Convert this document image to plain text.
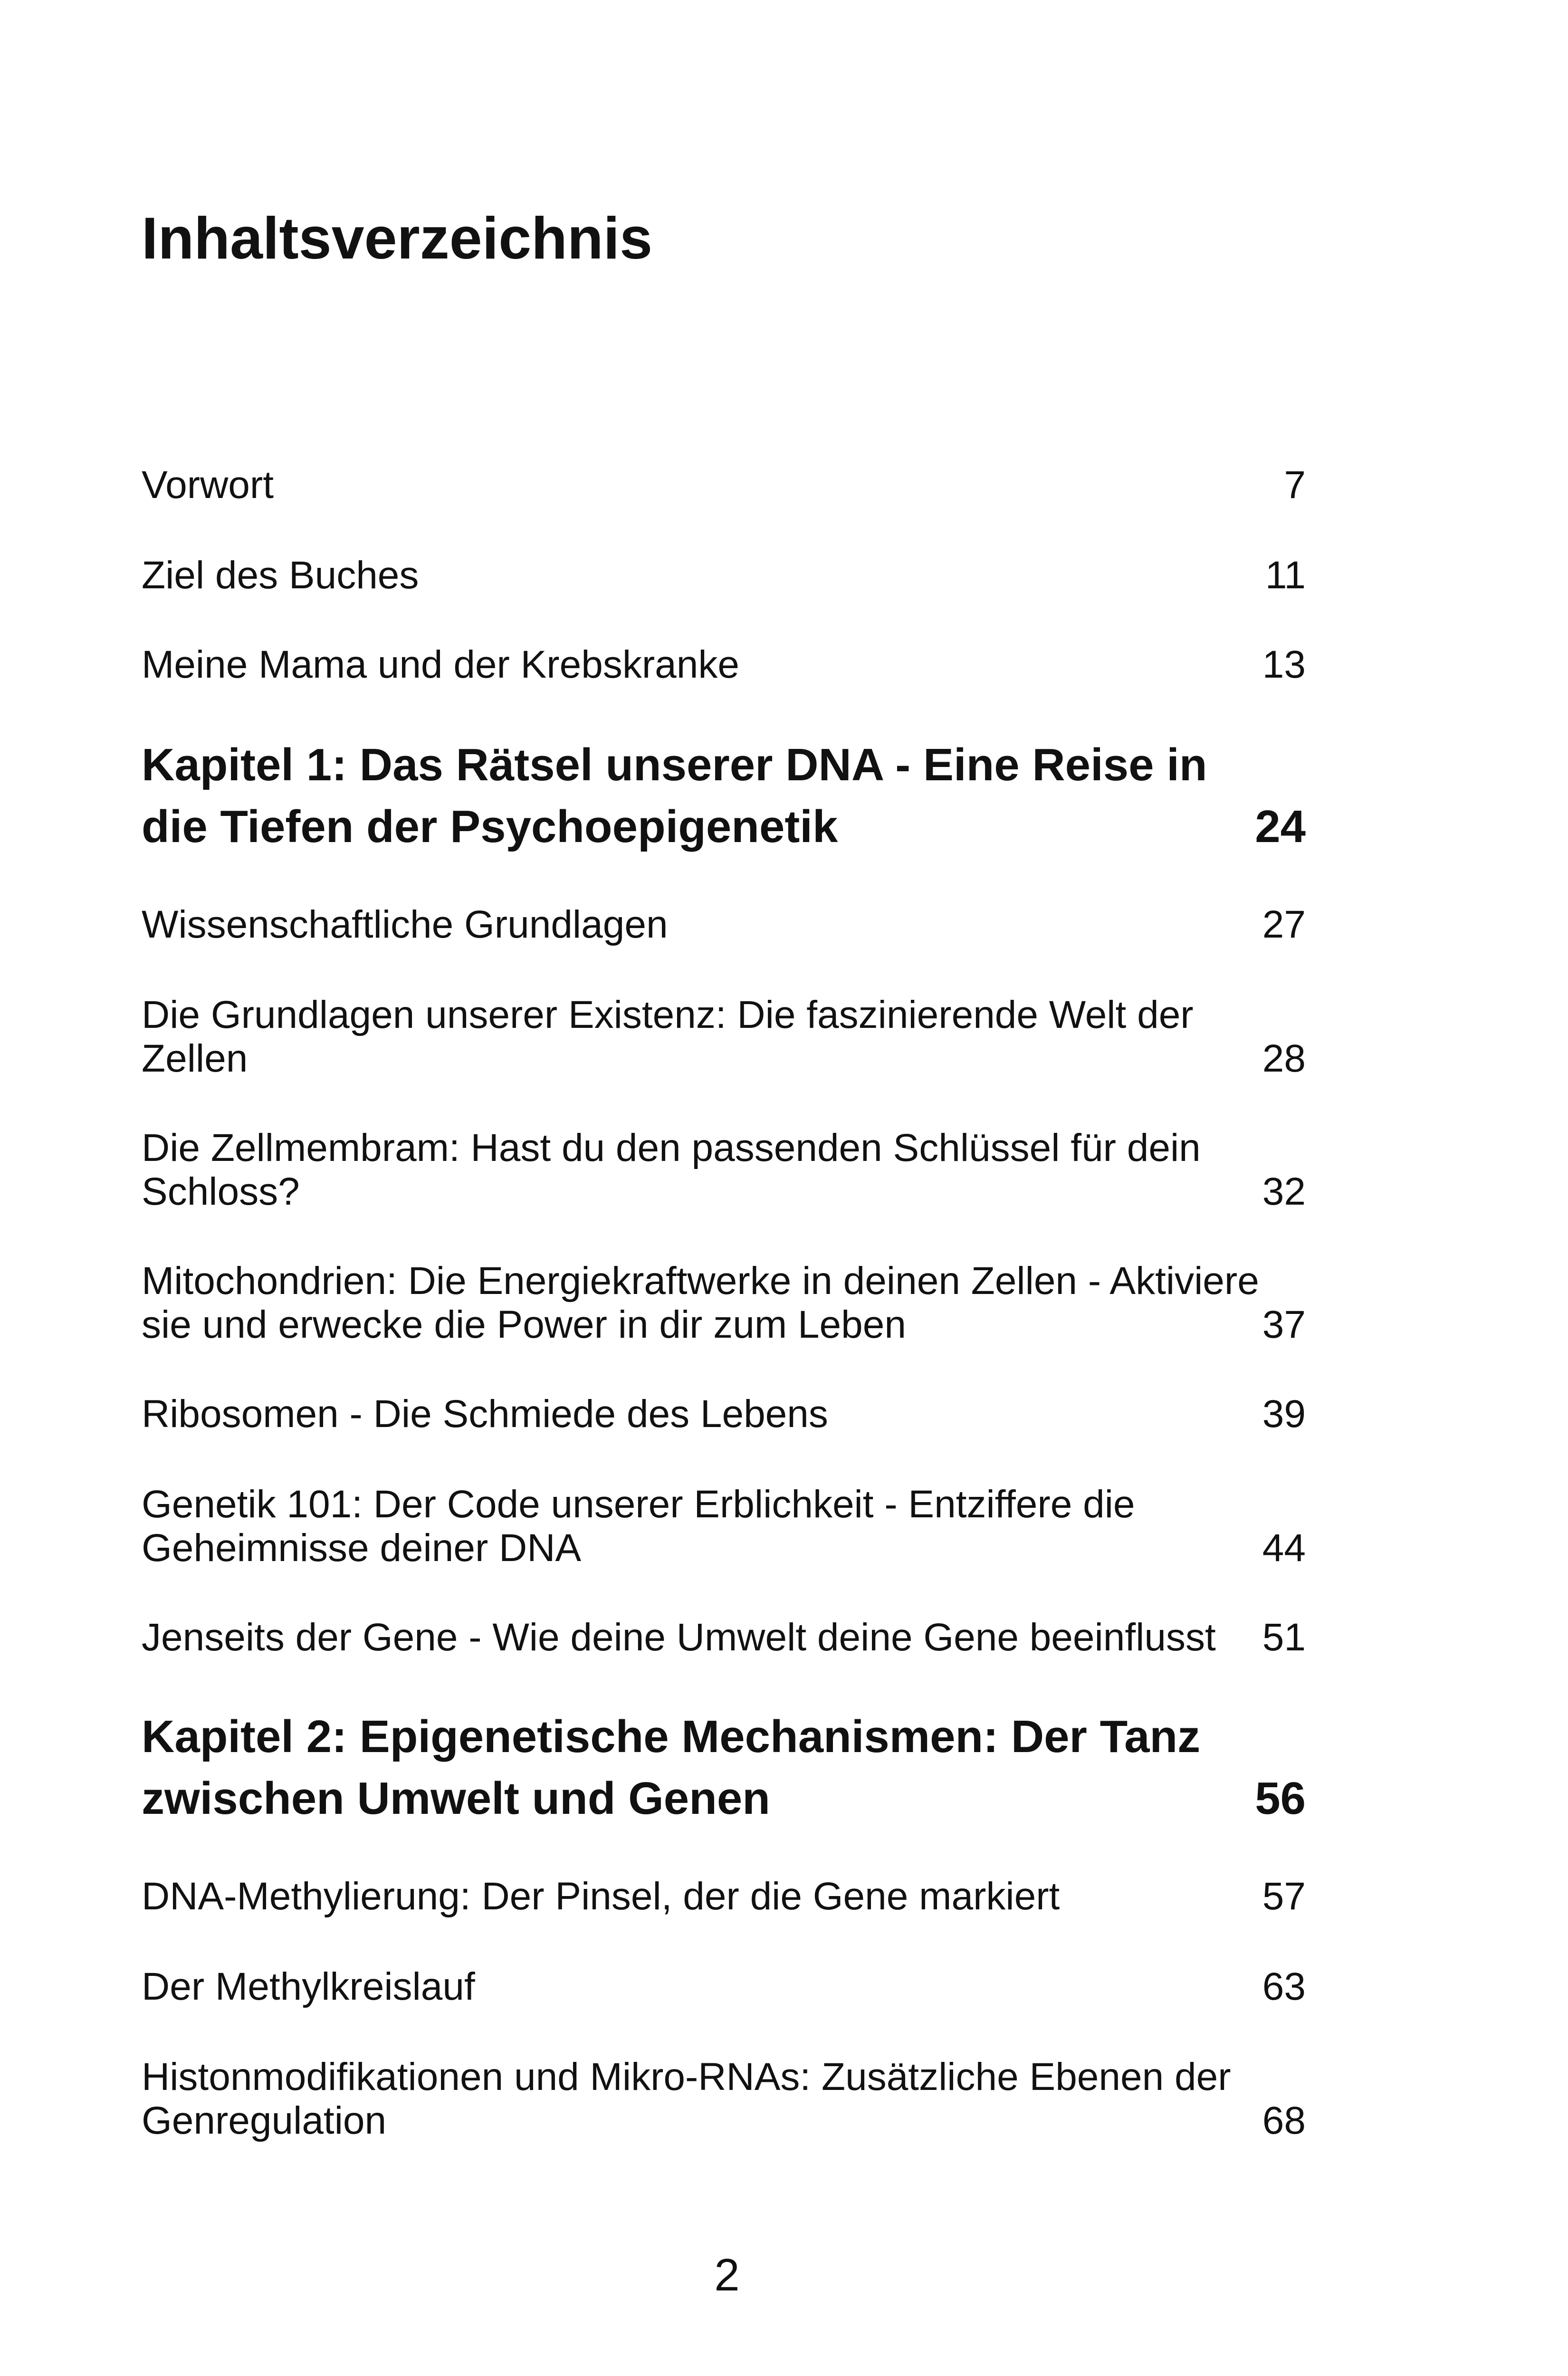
Inhaltsverzeichnis
Vorwort	7
Ziel des Buches	11
Meine Mama und der Krebskranke	13
Kapitel 1: Das Rätsel unserer DNA - Eine Reise in
die Tiefen der Psychoepigenetik	24
Wissenschaftliche Grundlagen	27
Die Grundlagen unserer Existenz: Die faszinierende Welt der
Zellen	28
Die Zellmembram: Hast du den passenden Schlüssel für dein
Schloss?	32
Mitochondrien: Die Energiekraftwerke in deinen Zellen - Aktiviere
sie und erwecke die Power in dir zum Leben	37
Ribosomen - Die Schmiede des Lebens	39
Genetik 101: Der Code unserer Erblichkeit - Entziffere die
Geheimnisse deiner DNA	44
Jenseits der Gene - Wie deine Umwelt deine Gene beeinflusst	51
Kapitel 2: Epigenetische Mechanismen: Der Tanz
zwischen Umwelt und Genen	56
DNA-Methylierung: Der Pinsel, der die Gene markiert	57
Der Methylkreislauf	63
Histonmodifikationen und Mikro-RNAs: Zusätzliche Ebenen der
Genregulation	68
2
